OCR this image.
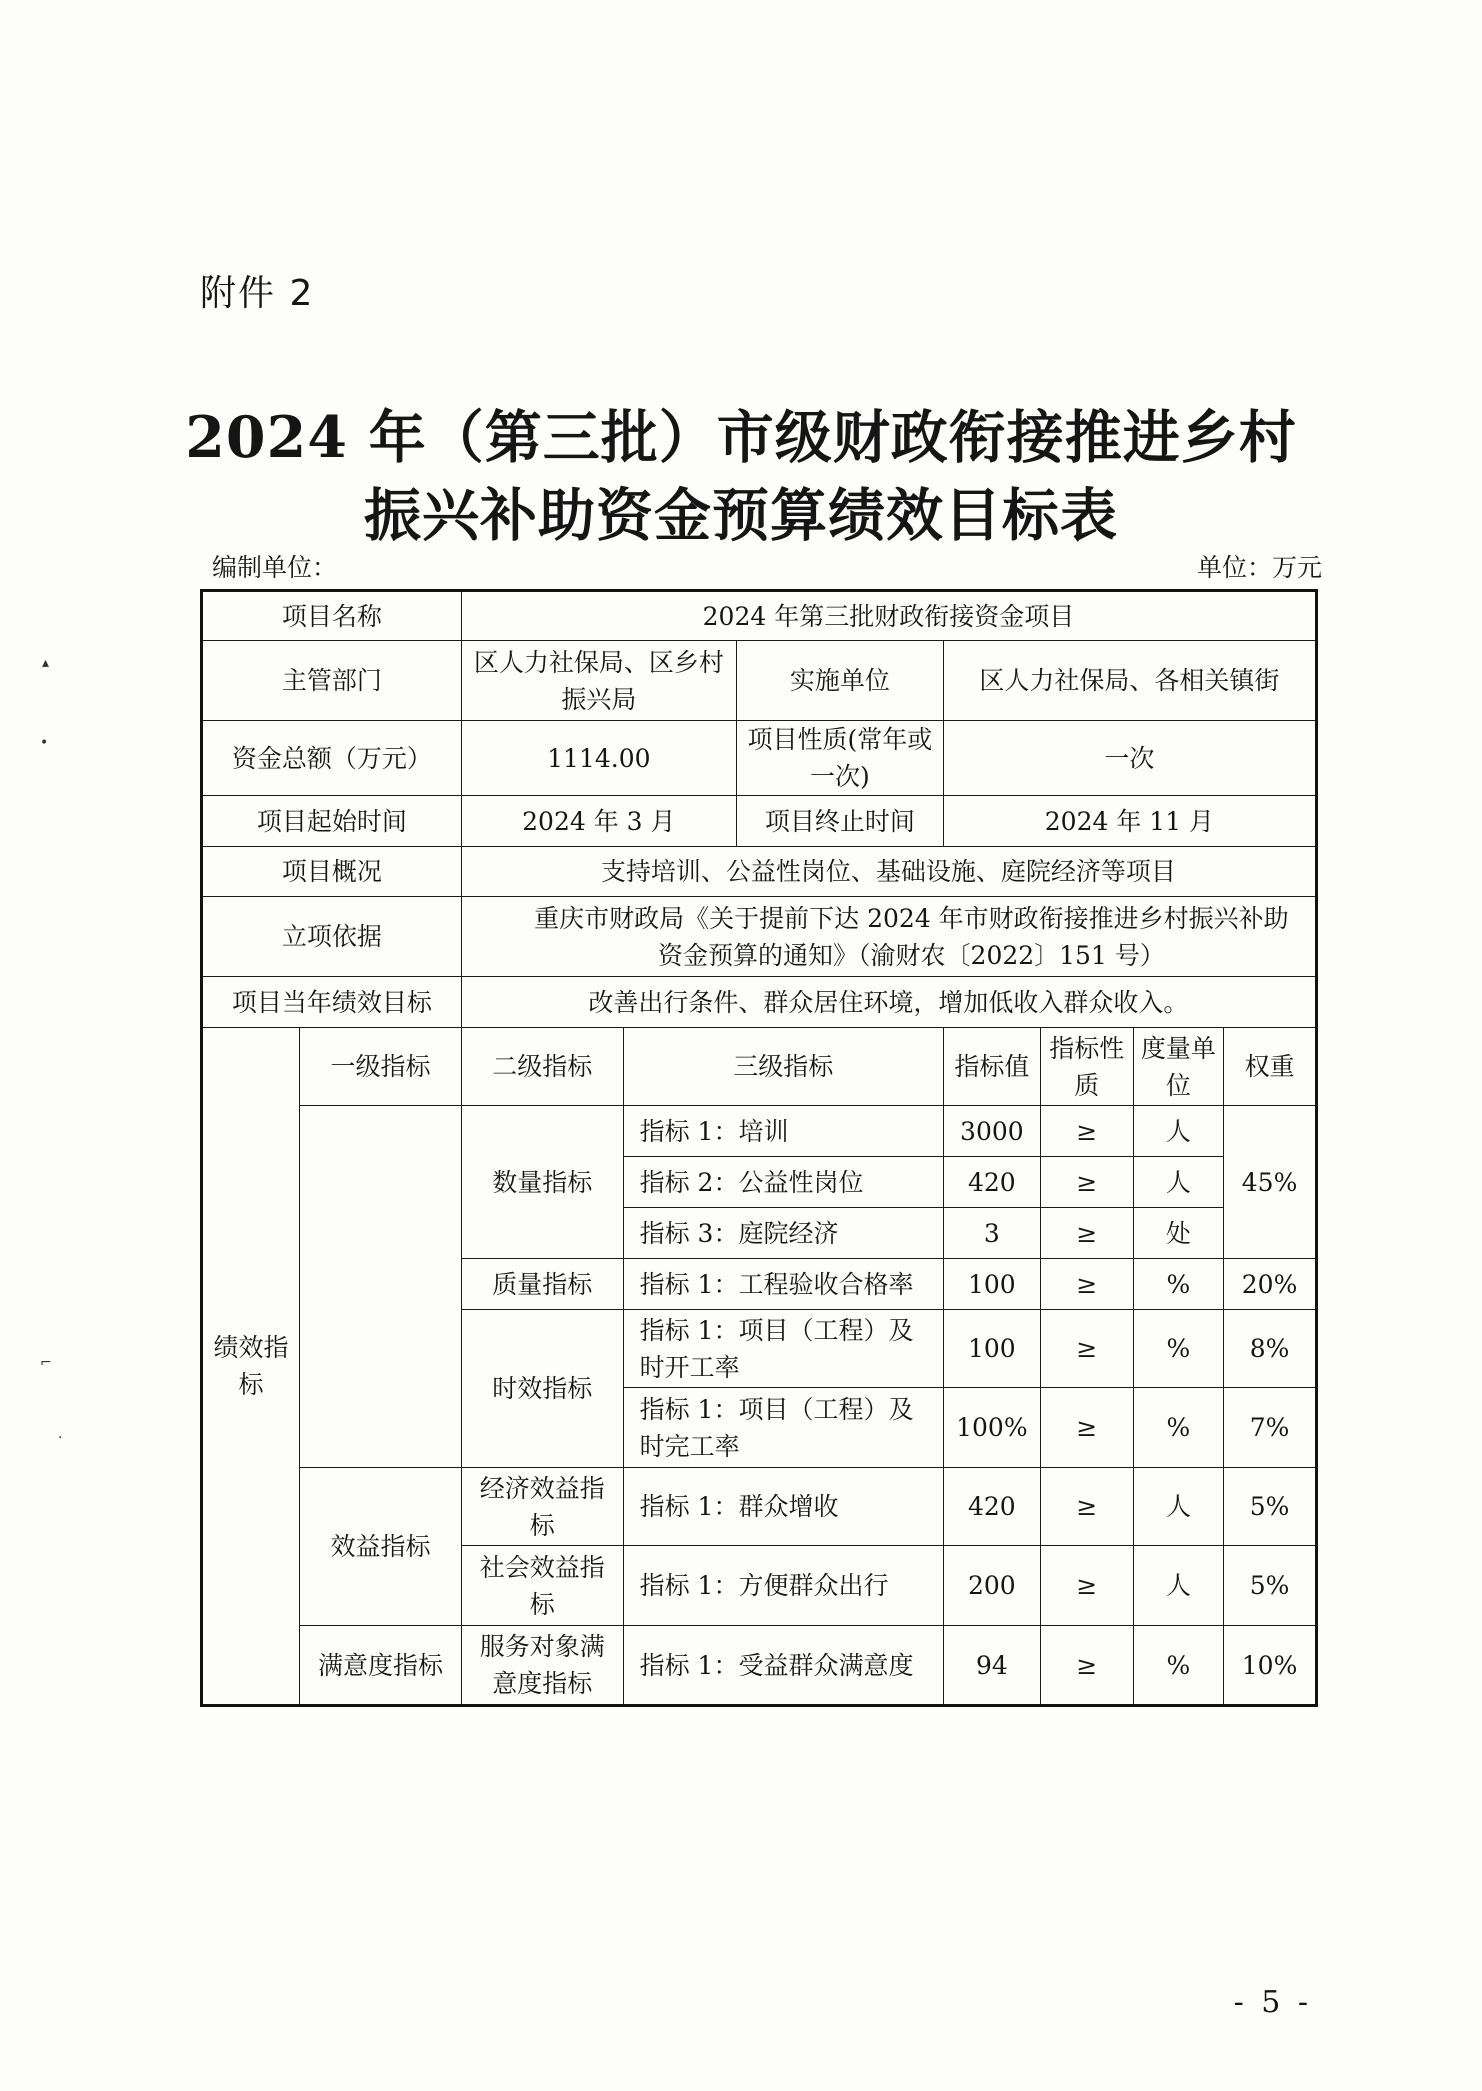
附件 2
2024 年（第三批）市级财政衔接推进乡村
振兴补助资金预算绩效目标表
编制单位：	单位：万元
▴
•
⌐
·
项目名称		2024 年第三批财政衔接资金项目						
主管部门		区人力社保局、区乡村振兴局		实施单位	区人力社保局、各相关镇街			
资金总额（万元）		1114.00		项目性质(常年或一次)	一次			
项目起始时间		2024 年 3 月		项目终止时间	2024 年 11 月			
项目概况		支持培训、公益性岗位、基础设施、庭院经济等项目						
立项依据		重庆市财政局《关于提前下达 2024 年市财政衔接推进乡村振兴补助资金预算的通知》（渝财农〔2022〕151 号）						
项目当年绩效目标		改善出行条件、群众居住环境，增加低收入群众收入。						
绩效指标	一级指标	二级指标	三级指标		指标值	指标性质	度量单位	权重
		数量指标	指标 1：培训		3000	≥	人	45%
			指标 2：公益性岗位		420	≥	人	
			指标 3：庭院经济		3	≥	处	
		质量指标	指标 1：工程验收合格率		100	≥	%	20%
		时效指标	指标 1：项目（工程）及时开工率		100	≥	%	8%
			指标 1：项目（工程）及时完工率		100%	≥	%	7%
	效益指标	经济效益指标	指标 1：群众增收		420	≥	人	5%
		社会效益指标	指标 1：方便群众出行		200	≥	人	5%
	满意度指标	服务对象满意度指标	指标 1：受益群众满意度		94	≥	%	10%
- 5 -
